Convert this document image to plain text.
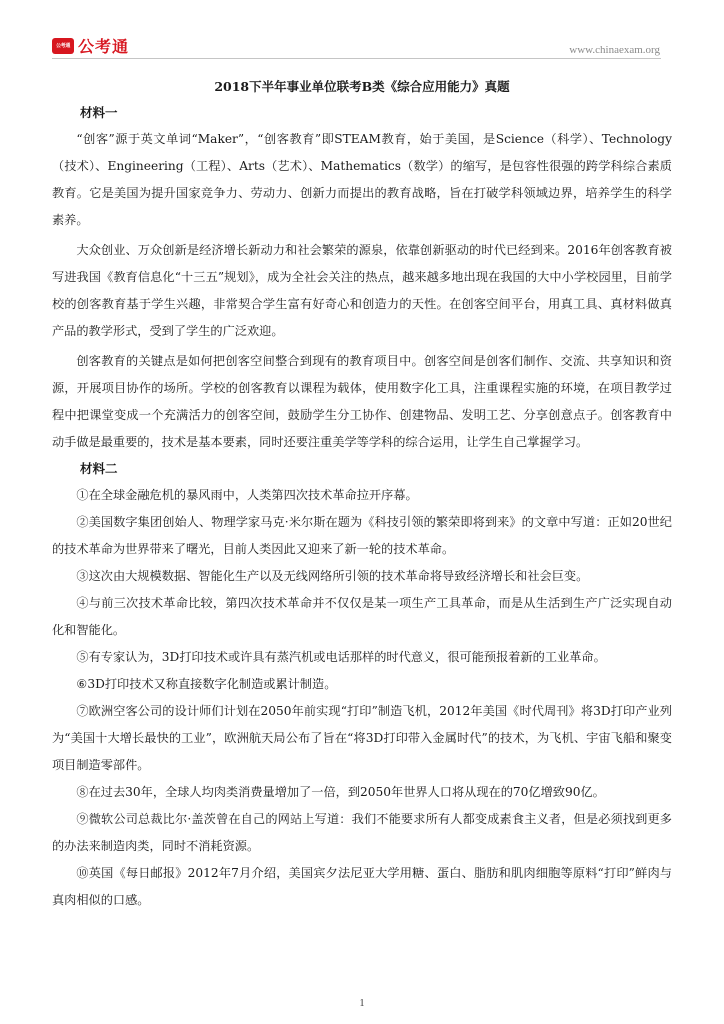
公考通 公考通	www.chinaexam.org

2018下半年事业单位联考B类《综合应用能力》真题

材料一

“创客”源于英文单词“Maker”，“创客教育”即STEAM教育，始于美国，是Science（科学）、Technology（技术）、Engineering（工程）、Arts（艺术）、Mathematics（数学）的缩写，是包容性很强的跨学科综合素质教育。它是美国为提升国家竞争力、劳动力、创新力而提出的教育战略，旨在打破学科领域边界，培养学生的科学素养。

大众创业、万众创新是经济增长新动力和社会繁荣的源泉，依靠创新驱动的时代已经到来。2016年创客教育被写进我国《教育信息化“十三五”规划》，成为全社会关注的热点，越来越多地出现在我国的大中小学校园里，目前学校的创客教育基于学生兴趣，非常契合学生富有好奇心和创造力的天性。在创客空间平台，用真工具、真材料做真产品的教学形式，受到了学生的广泛欢迎。

创客教育的关键点是如何把创客空间整合到现有的教育项目中。创客空间是创客们制作、交流、共享知识和资源，开展项目协作的场所。学校的创客教育以课程为载体，使用数字化工具，注重课程实施的环境，在项目教学过程中把课堂变成一个充满活力的创客空间，鼓励学生分工协作、创建物品、发明工艺、分享创意点子。创客教育中动手做是最重要的，技术是基本要素，同时还要注重美学等学科的综合运用，让学生自己掌握学习。

材料二

①在全球金融危机的暴风雨中，人类第四次技术革命拉开序幕。

②美国数字集团创始人、物理学家马克·米尔斯在题为《科技引领的繁荣即将到来》的文章中写道：正如20世纪的技术革命为世界带来了曙光，目前人类因此又迎来了新一轮的技术革命。

③这次由大规模数据、智能化生产以及无线网络所引领的技术革命将导致经济增长和社会巨变。

④与前三次技术革命比较，第四次技术革命并不仅仅是某一项生产工具革命，而是从生活到生产广泛实现自动化和智能化。

⑤有专家认为，3D打印技术或许具有蒸汽机或电话那样的时代意义，很可能预报着新的工业革命。

⑥3D打印技术又称直接数字化制造或累计制造。

⑦欧洲空客公司的设计师们计划在2050年前实现“打印”制造飞机，2012年美国《时代周刊》将3D打印产业列为“美国十大增长最快的工业”，欧洲航天局公布了旨在“将3D打印带入金属时代”的技术，为飞机、宇宙飞船和聚变项目制造零部件。

⑧在过去30年，全球人均肉类消费量增加了一倍，到2050年世界人口将从现在的70亿增致90亿。

⑨微软公司总裁比尔·盖茨曾在自己的网站上写道：我们不能要求所有人都变成素食主义者，但是必须找到更多的办法来制造肉类，同时不消耗资源。

⑩英国《每日邮报》2012年7月介绍，美国宾夕法尼亚大学用糖、蛋白、脂肪和肌肉细胞等原料“打印”鲜肉与真肉相似的口感。

1
